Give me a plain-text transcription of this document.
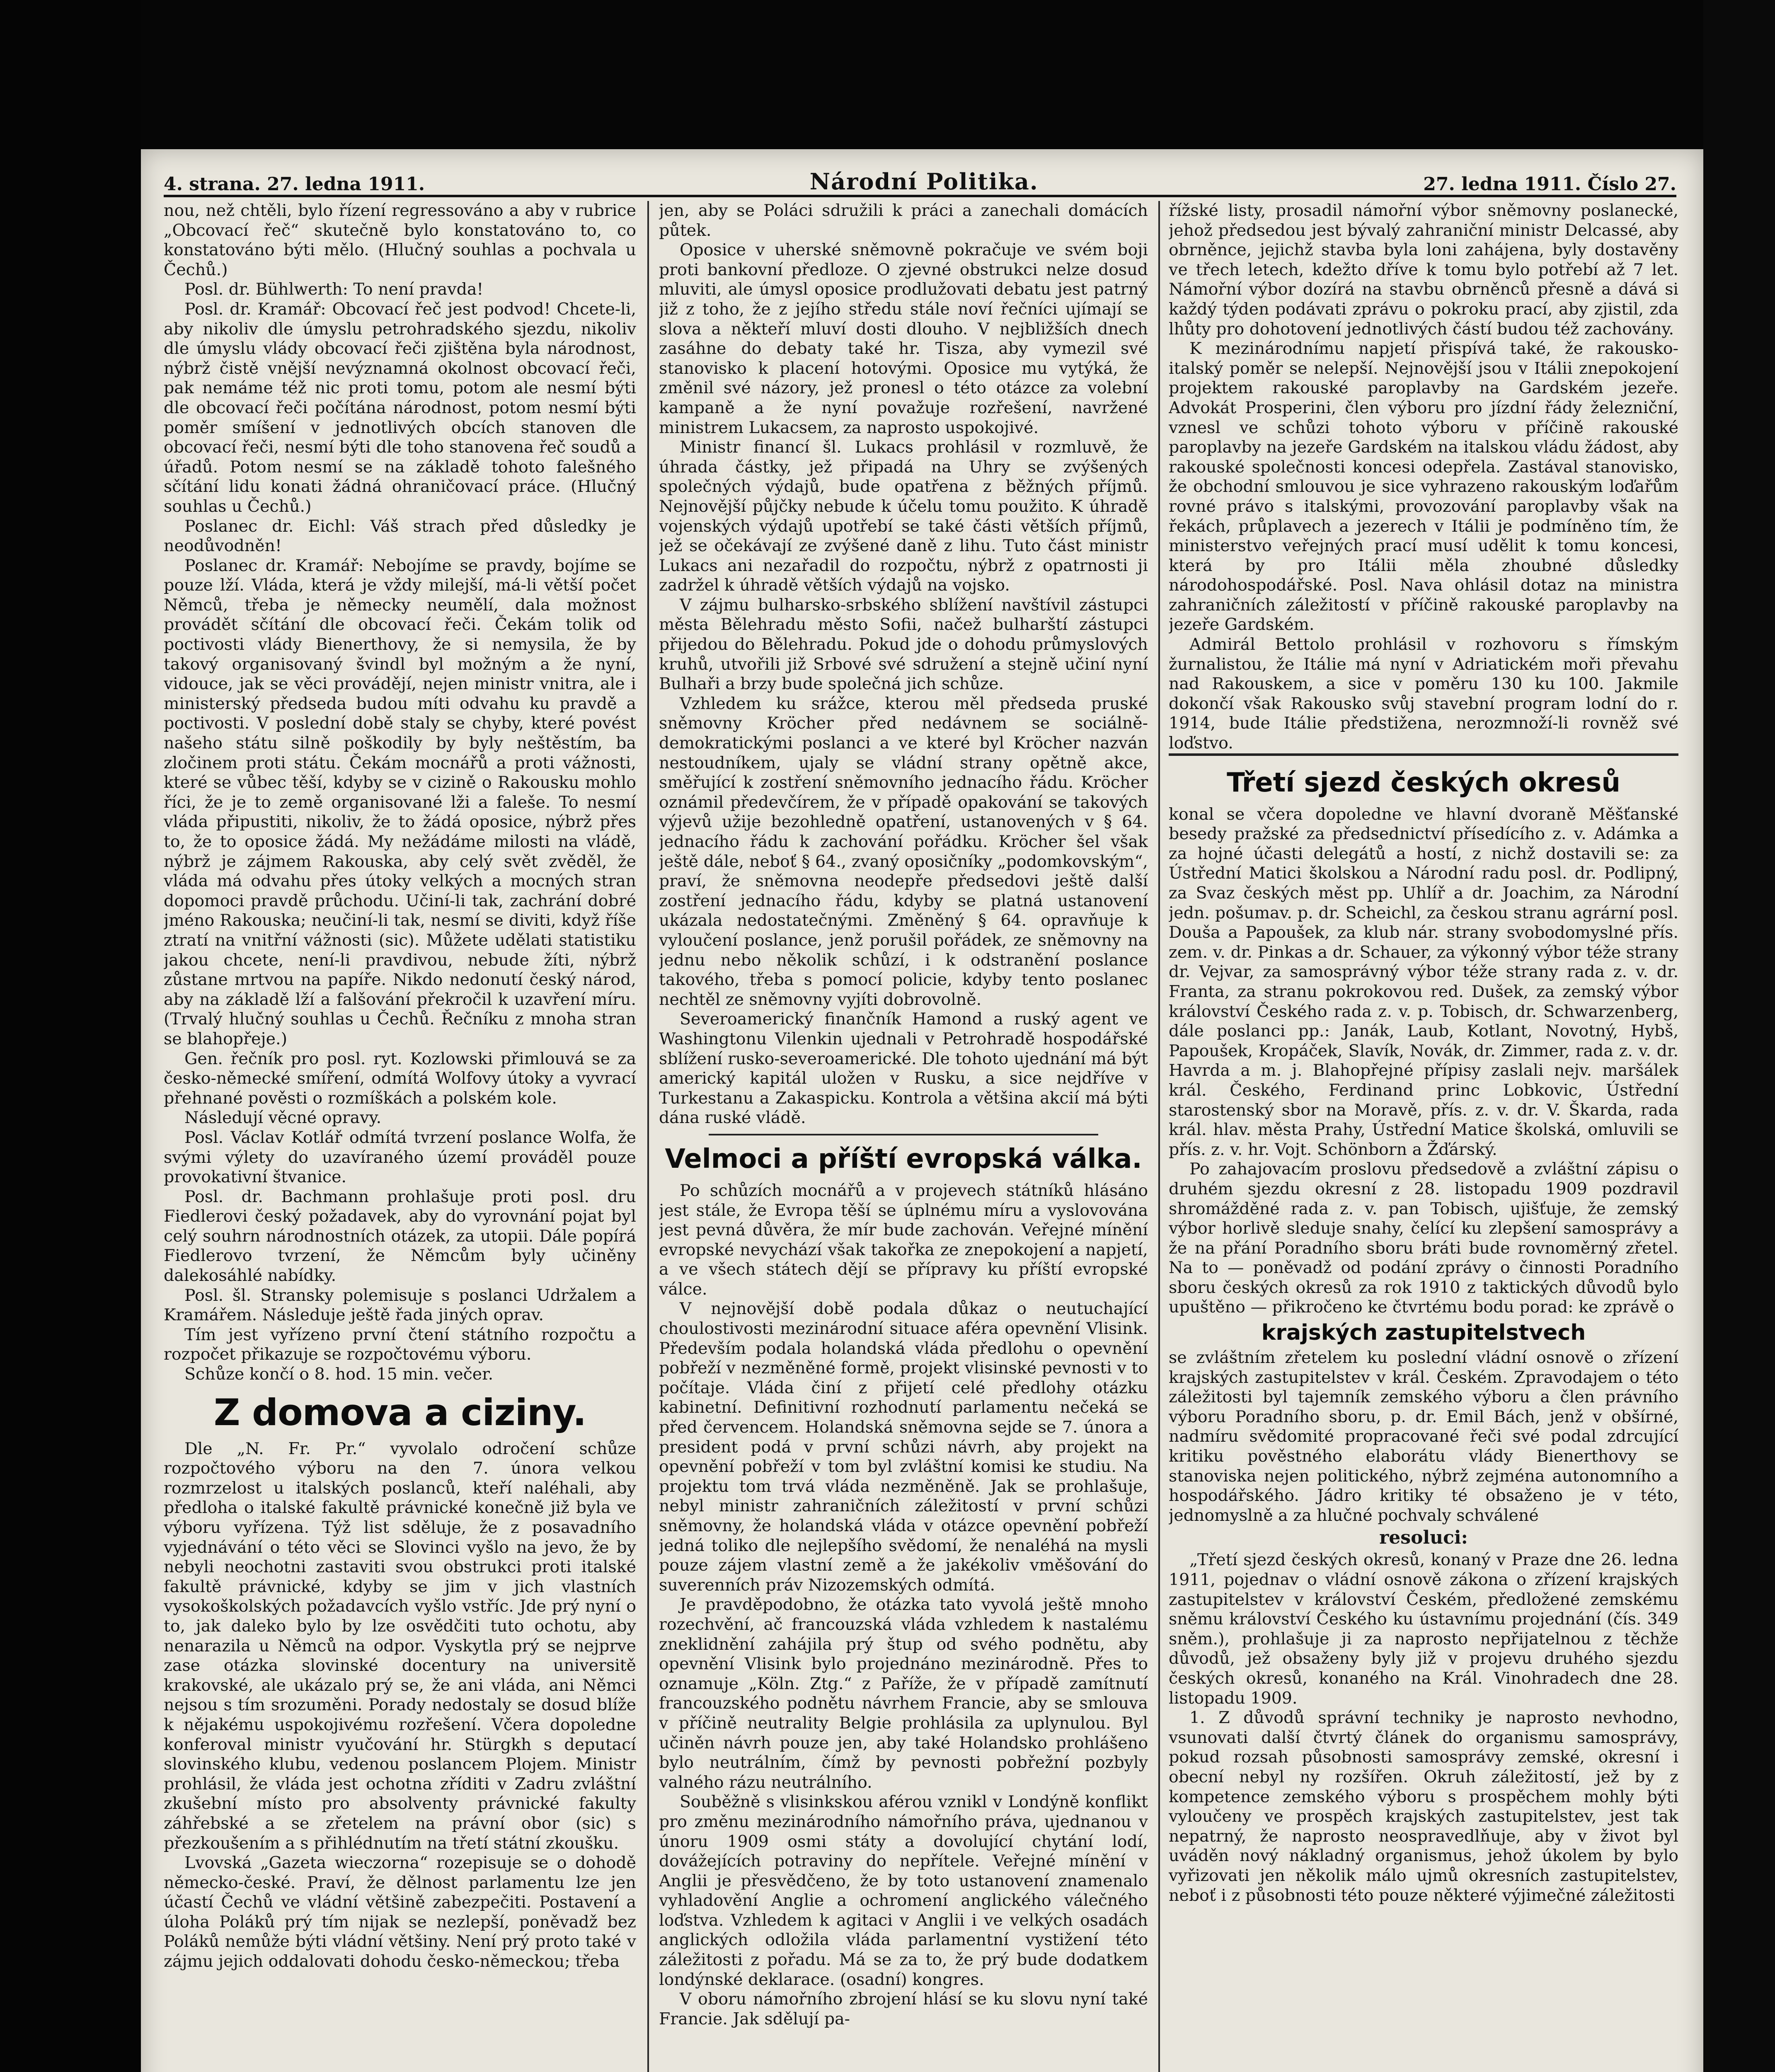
4. strana. 27. ledna 1911.	Národní Politika.	27. ledna 1911. Číslo 27.

nou, než chtěli, bylo řízení regressováno a aby v rubrice „Obcovací řeč“ skutečně bylo konstatováno to, co konstatováno býti mělo. (Hlučný souhlas a pochvala u Čechů.)

Posl. dr. Bühlwerth: To není pravda!

Posl. dr. Kramář: Obcovací řeč jest podvod! Chcete-li, aby nikoliv dle úmyslu petrohradského sjezdu, nikoliv dle úmyslu vlády obcovací řeči zjištěna byla národnost, nýbrž čistě vnější nevýznamná okolnost obcovací řeči, pak nemáme též nic proti tomu, potom ale nesmí býti dle obcovací řeči počítána národnost, potom nesmí býti poměr smíšení v jednotlivých obcích stanoven dle obcovací řeči, nesmí býti dle toho stanovena řeč soudů a úřadů. Potom nesmí se na základě tohoto falešného sčítání lidu konati žádná ohraničovací práce. (Hlučný souhlas u Čechů.)

Poslanec dr. Eichl: Váš strach před důsledky je neodůvodněn!

Poslanec dr. Kramář: Nebojíme se pravdy, bojíme se pouze lží. Vláda, která je vždy milejší, má-li větší počet Němců, třeba je německy neumělí, dala možnost provádět sčítání dle obcovací řeči. Čekám tolik od poctivosti vlády Bienerthovy, že si nemysila, že by takový organisovaný švindl byl možným a že nyní, vidouce, jak se věci provádějí, nejen ministr vnitra, ale i ministerský předseda budou míti odvahu ku pravdě a poctivosti. V poslední době staly se chyby, které povést našeho státu silně poškodily by byly neštěstím, ba zločinem proti státu. Čekám mocnářů a proti vážnosti, které se vůbec těší, kdyby se v cizině o Rakousku mohlo říci, že je to země organisované lži a faleše. To nesmí vláda připustiti, nikoliv, že to žádá oposice, nýbrž přes to, že to oposice žádá. My nežádáme milosti na vládě, nýbrž je zájmem Rakouska, aby celý svět zvěděl, že vláda má odvahu přes útoky velkých a mocných stran dopomoci pravdě průchodu. Učiní-li tak, zachrání dobré jméno Rakouska; neučiní-li tak, nesmí se diviti, když říše ztratí na vnitřní vážnosti (sic). Můžete udělati statistiku jakou chcete, není-li pravdivou, nebude žíti, nýbrž zůstane mrtvou na papíře. Nikdo nedonutí český národ, aby na základě lží a falšování překročil k uzavření míru. (Trvalý hlučný souhlas u Čechů. Řečníku z mnoha stran se blahopřeje.)

Gen. řečník pro posl. ryt. Kozlowski přimlouvá se za česko-německé smíření, odmítá Wolfovy útoky a vyvrací přehnané pověsti o rozmíškách a polském kole.

Následují věcné opravy.

Posl. Václav Kotlář odmítá tvrzení poslance Wolfa, že svými výlety do uzavíraného území prováděl pouze provokativní štvanice.

Posl. dr. Bachmann prohlašuje proti posl. dru Fiedlerovi český požadavek, aby do vyrovnání pojat byl celý souhrn národnostních otázek, za utopii. Dále popírá Fiedlerovo tvrzení, že Němcům byly učiněny dalekosáhlé nabídky.

Posl. šl. Stransky polemisuje s poslanci Udržalem a Kramářem. Následuje ještě řada jiných oprav.

Tím jest vyřízeno první čtení státního rozpočtu a rozpočet přikazuje se rozpočtovému výboru.

Schůze končí o 8. hod. 15 min. večer.

Z domova a ciziny.

Dle „N. Fr. Pr.“ vyvolalo odročení schůze rozpočtového výboru na den 7. února velkou rozmrzelost u italských poslanců, kteří naléhali, aby předloha o italské fakultě právnické konečně již byla ve výboru vyřízena. Týž list sděluje, že z posavadního vyjednávání o této věci se Slovinci vyšlo na jevo, že by nebyli neochotni zastaviti svou obstrukci proti italské fakultě právnické, kdyby se jim v jich vlastních vysokoškolských požadavcích vyšlo vstříc. Jde prý nyní o to, jak daleko bylo by lze osvědčiti tuto ochotu, aby nenarazila u Němců na odpor. Vyskytla prý se nejprve zase otázka slovinské docentury na universitě krakovské, ale ukázalo prý se, že ani vláda, ani Němci nejsou s tím srozuměni. Porady nedostaly se dosud blíže k nějakému uspokojivému rozřešení. Včera dopoledne konferoval ministr vyučování hr. Stürgkh s deputací slovinského klubu, vedenou poslancem Plojem. Ministr prohlásil, že vláda jest ochotna zříditi v Zadru zvláštní zkušební místo pro absolventy právnické fakulty záhřebské a se zřetelem na právní obor (sic) s přezkoušením a s přihlédnutím na třetí státní zkoušku.

Lvovská „Gazeta wieczorna“ rozepisuje se o dohodě německo-české. Praví, že dělnost parlamentu lze jen účastí Čechů ve vládní většině zabezpečiti. Postavení a úloha Poláků prý tím nijak se nezlepší, poněvadž bez Poláků nemůže býti vládní většiny. Není prý proto také v zájmu jejich oddalovati dohodu česko-německou; třeba

jen, aby se Poláci sdružili k práci a zanechali domácích půtek.

Oposice v uherské sněmovně pokračuje ve svém boji proti bankovní předloze. O zjevné obstrukci nelze dosud mluviti, ale úmysl oposice prodlužovati debatu jest patrný již z toho, že z jejího středu stále noví řečníci ujímají se slova a někteří mluví dosti dlouho. V nejbližších dnech zasáhne do debaty také hr. Tisza, aby vymezil své stanovisko k placení hotovými. Oposice mu vytýká, že změnil své názory, jež pronesl o této otázce za volební kampaně a že nyní považuje rozřešení, navržené ministrem Lukacsem, za naprosto uspokojivé.

Ministr financí šl. Lukacs prohlásil v rozmluvě, že úhrada částky, jež připadá na Uhry se zvýšených společných výdajů, bude opatřena z běžných příjmů. Nejnovější půjčky nebude k účelu tomu použito. K úhradě vojenských výdajů upotřebí se také části větších příjmů, jež se očekávají ze zvýšené daně z lihu. Tuto část ministr Lukacs ani nezařadil do rozpočtu, nýbrž z opatrnosti ji zadržel k úhradě větších výdajů na vojsko.

V zájmu bulharsko-srbského sblížení navštívil zástupci města Bělehradu město Sofii, načež bulharští zástupci přijedou do Bělehradu. Pokud jde o dohodu průmyslových kruhů, utvořili již Srbové své sdružení a stejně učiní nyní Bulhaři a brzy bude společná jich schůze.

Vzhledem ku srážce, kterou měl předseda pruské sněmovny Kröcher před nedávnem se sociálně-demokratickými poslanci a ve které byl Kröcher nazván nestoudníkem, ujaly se vládní strany opětně akce, směřující k zostření sněmovního jednacího řádu. Kröcher oznámil předevčírem, že v případě opakování se takových výjevů užije bezohledně opatření, ustanovených v § 64. jednacího řádu k zachování pořádku. Kröcher šel však ještě dále, neboť § 64., zvaný oposičníky „podomkovským“, praví, že sněmovna neodepře předsedovi ještě další zostření jednacího řádu, kdyby se platná ustanovení ukázala nedostatečnými. Změněný § 64. opravňuje k vyloučení poslance, jenž porušil pořádek, ze sněmovny na jednu nebo několik schůzí, i k odstranění poslance takového, třeba s pomocí policie, kdyby tento poslanec nechtěl ze sněmovny vyjíti dobrovolně.

Severoamerický finančník Hamond a ruský agent ve Washingtonu Vilenkin ujednali v Petrohradě hospodářské sblížení rusko-severoamerické. Dle tohoto ujednání má být americký kapitál uložen v Rusku, a sice nejdříve v Turkestanu a Zakaspicku. Kontrola a většina akcií má býti dána ruské vládě.

Velmoci a příští evropská válka.

Po schůzích mocnářů a v projevech státníků hlásáno jest stále, že Evropa těší se úplnému míru a vyslovována jest pevná důvěra, že mír bude zachován. Veřejné mínění evropské nevychází však takořka ze znepokojení a napjetí, a ve všech státech dějí se přípravy ku příští evropské válce.

V nejnovější době podala důkaz o neutuchající choulostivosti mezinárodní situace aféra opevnění Vlisink. Především podala holandská vláda předlohu o opevnění pobřeží v nezměněné formě, projekt vlisinské pevnosti v to počítaje. Vláda činí z přijetí celé předlohy otázku kabinetní. Definitivní rozhodnutí parlamentu nečeká se před červencem. Holandská sněmovna sejde se 7. února a president podá v první schůzi návrh, aby projekt na opevnění pobřeží v tom byl zvláštní komisi ke studiu. Na projektu tom trvá vláda nezměněně. Jak se prohlašuje, nebyl ministr zahraničních záležitostí v první schůzi sněmovny, že holandská vláda v otázce opevnění pobřeží jedná toliko dle nejlepšího svědomí, že nenaléhá na mysli pouze zájem vlastní země a že jakékoliv vměšování do suverenních práv Nizozemských odmítá.

Je pravděpodobno, že otázka tato vyvolá ještě mnoho rozechvění, ač francouzská vláda vzhledem k nastalému zneklidnění zahájila prý štup od svého podnětu, aby opevnění Vlisink bylo projednáno mezinárodně. Přes to oznamuje „Köln. Ztg.“ z Paříže, že v případě zamítnutí francouzského podnětu návrhem Francie, aby se smlouva v příčině neutrality Belgie prohlásila za uplynulou. Byl učiněn návrh pouze jen, aby také Holandsko prohlášeno bylo neutrálním, čímž by pevnosti pobřežní pozbyly valného rázu neutrálního.

Souběžně s vlisinkskou aférou vznikl v Londýně konflikt pro změnu mezinárodního námořního práva, ujednanou v únoru 1909 osmi státy a dovolující chytání lodí, dovážejících potraviny do nepřítele. Veřejné mínění v Anglii je přesvědčeno, že by toto ustanovení znamenalo vyhladovění Anglie a ochromení anglického válečného loďstva. Vzhledem k agitaci v Anglii i ve velkých osadách anglických odložila vláda parlamentní vystižení této záležitosti z pořadu. Má se za to, že prý bude dodatkem londýnské deklarace. (osadní) kongres.

V oboru námořního zbrojení hlásí se ku slovu nyní také Francie. Jak sdělují pa-

řížské listy, prosadil námořní výbor sněmovny poslanecké, jehož předsedou jest bývalý zahraniční ministr Delcassé, aby obrněnce, jejichž stavba byla loni zahájena, byly dostavěny ve třech letech, kdežto dříve k tomu bylo potřebí až 7 let. Námořní výbor dozírá na stavbu obrněnců přesně a dává si každý týden podávati zprávu o pokroku prací, aby zjistil, zda lhůty pro dohotovení jednotlivých částí budou též zachovány.

K mezinárodnímu napjetí přispívá také, že rakousko-italský poměr se nelepší. Nejnovější jsou v Itálii znepokojení projektem rakouské paroplavby na Gardském jezeře. Advokát Prosperini, člen výboru pro jízdní řády železniční, vznesl ve schůzi tohoto výboru v příčině rakouské paroplavby na jezeře Gardském na italskou vládu žádost, aby rakouské společnosti koncesi odepřela. Zastával stanovisko, že obchodní smlouvou je sice vyhrazeno rakouským loďařům rovné právo s italskými, provozování paroplavby však na řekách, průplavech a jezerech v Itálii je podmíněno tím, že ministerstvo veřejných prací musí udělit k tomu koncesi, která by pro Itálii měla zhoubné důsledky národohospodářské. Posl. Nava ohlásil dotaz na ministra zahraničních záležitostí v příčině rakouské paroplavby na jezeře Gardském.

Admirál Bettolo prohlásil v rozhovoru s římským žurnalistou, že Itálie má nyní v Adriatickém moři převahu nad Rakouskem, a sice v poměru 130 ku 100. Jakmile dokončí však Rakousko svůj stavební program lodní do r. 1914, bude Itálie předstižena, nerozmnoží-li rovněž své loďstvo.

Třetí sjezd českých okresů

konal se včera dopoledne ve hlavní dvoraně Měšťanské besedy pražské za předsednictví přísedícího z. v. Adámka a za hojné účasti delegátů a hostí, z nichž dostavili se: za Ústřední Matici školskou a Národní radu posl. dr. Podlipný, za Svaz českých měst pp. Uhlíř a dr. Joachim, za Národní jedn. pošumav. p. dr. Scheichl, za českou stranu agrární posl. Douša a Papoušek, za klub nár. strany svobodomyslné přís. zem. v. dr. Pinkas a dr. Schauer, za výkonný výbor téže strany dr. Vejvar, za samosprávný výbor téže strany rada z. v. dr. Franta, za stranu pokrokovou red. Dušek, za zemský výbor království Českého rada z. v. p. Tobisch, dr. Schwarzenberg, dále poslanci pp.: Janák, Laub, Kotlant, Novotný, Hybš, Papoušek, Kropáček, Slavík, Novák, dr. Zimmer, rada z. v. dr. Havrda a m. j. Blahopřejné přípisy zaslali nejv. maršálek král. Českého, Ferdinand princ Lobkovic, Ústřední starostenský sbor na Moravě, přís. z. v. dr. V. Škarda, rada král. hlav. města Prahy, Ústřední Matice školská, omluvili se přís. z. v. hr. Vojt. Schönborn a Žďárský.

Po zahajovacím proslovu předsedově a zvláštní zápisu o druhém sjezdu okresní z 28. listopadu 1909 pozdravil shromážděné rada z. v. pan Tobisch, ujišťuje, že zemský výbor horlivě sleduje snahy, čelící ku zlepšení samosprávy a že na přání Poradního sboru bráti bude rovnoměrný zřetel. Na to — poněvadž od podání zprávy o činnosti Poradního sboru českých okresů za rok 1910 z taktických důvodů bylo upuštěno — přikročeno ke čtvrtému bodu porad: ke zprávě o

krajských zastupitelstvech

se zvláštním zřetelem ku poslední vládní osnově o zřízení krajských zastupitelstev v král. Českém. Zpravodajem o této záležitosti byl tajemník zemského výboru a člen právního výboru Poradního sboru, p. dr. Emil Bách, jenž v obšírné, nadmíru svědomité propracované řeči své podal zdrcující kritiku pověstného elaborátu vlády Bienerthovy se stanoviska nejen politického, nýbrž zejména autonomního a hospodářského. Jádro kritiky té obsaženo je v této, jednomyslně a za hlučné pochvaly schválené

resoluci:

„Třetí sjezd českých okresů, konaný v Praze dne 26. ledna 1911, pojednav o vládní osnově zákona o zřízení krajských zastupitelstev v království Českém, předložené zemskému sněmu království Českého ku ústavnímu projednání (čís. 349 sněm.), prohlašuje ji za naprosto nepřijatelnou z těchže důvodů, jež obsaženy byly již v projevu druhého sjezdu českých okresů, konaného na Král. Vinohradech dne 28. listopadu 1909.

1. Z důvodů správní techniky je naprosto nevhodno, vsunovati další čtvrtý článek do organismu samosprávy, pokud rozsah působnosti samosprávy zemské, okresní i obecní nebyl ny rozšířen. Okruh záležitostí, jež by z kompetence zemského výboru s prospěchem mohly býti vyloučeny ve prospěch krajských zastupitelstev, jest tak nepatrný, že naprosto neospravedlňuje, aby v život byl uváděn nový nákladný organismus, jehož úkolem by bylo vyřizovati jen několik málo ujmů okresních zastupitelstev, neboť i z působnosti této pouze některé výjimečné záležitosti
